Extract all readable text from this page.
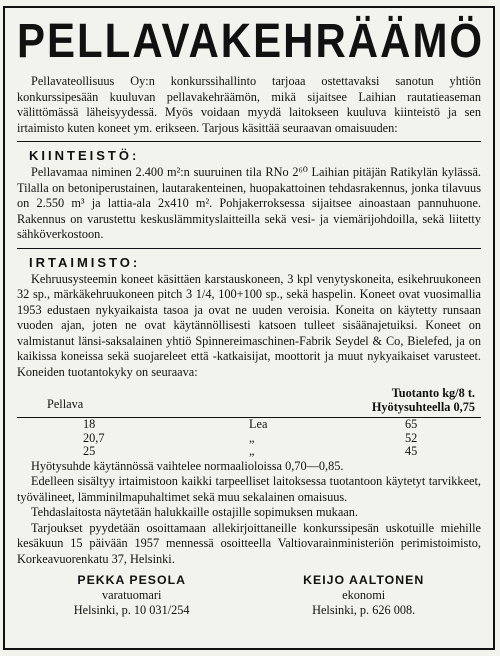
PELLAVAKEHRÄÄMÖ

Pellavateollisuus Oy:n konkurssihallinto tarjoaa ostettavaksi sanotun yhtiön konkurssipesään kuuluvan pellavakehräämön, mikä sijaitsee Laihian rautatieaseman välittömässä läheisyydessä. Myös voidaan myydä laitokseen kuuluva kiinteistö ja sen irtaimisto kuten koneet ym. erikseen. Tarjous käsittää seuraavan omaisuuden:

KIINTEISTÖ:

Pellavamaa niminen 2.400 m²:n suuruinen tila RNo 2⁶⁰ Laihian pitäjän Ratikylän kylässä. Tilalla on betoniperustainen, lautarakenteinen, huopakattoinen tehdasrakennus, jonka tilavuus on 2.550 m³ ja lattia-ala 2x410 m². Pohjakerroksessa sijaitsee ainoastaan pannuhuone. Rakennus on varustettu keskuslämmityslaitteilla sekä vesi- ja viemärijohdoilla, sekä liitetty sähköverkostoon.

IRTAIMISTO:

Kehruusysteemin koneet käsittäen karstauskoneen, 3 kpl venytyskoneita, esikehruukoneen 32 sp., märkäkehruukoneen pitch 3 1/4, 100+100 sp., sekä haspelin. Koneet ovat vuosimallia 1953 edustaen nykyaikaista tasoa ja ovat ne uuden veroisia. Koneita on käytetty runsaan vuoden ajan, joten ne ovat käytännöllisesti katsoen tulleet sisäänajetuiksi. Koneet on valmistanut länsi-saksalainen yhtiö Spinnereimaschinen-Fabrik Seydel & Co, Bielefed, ja on kaikissa koneissa sekä suojareleet että -katkaisijat, moottorit ja muut nykyaikaiset varusteet. Koneiden tuotantokyky on seuraava:

Pellava
Tuotanto kg/8 t.
Hyötysuhteella 0,75
18	Lea	65
20,7	„	52
25	„	45

Hyötysuhde käytännössä vaihtelee normaalioloissa 0,70—0,85.

Edelleen sisältyy irtaimistoon kaikki tarpeelliset laitoksessa tuotantoon käytetyt tarvikkeet, työvälineet, lämminilmapuhaltimet sekä muu sekalainen omaisuus.

Tehdaslaitosta näytetään halukkaille ostajille sopimuksen mukaan.

Tarjoukset pyydetään osoittamaan allekirjoittaneille konkurssipesän uskotuille miehille kesäkuun 15 päivään 1957 mennessä osoitteella Valtiovarainministeriön perimistoimisto, Korkeavuorenkatu 37, Helsinki.

PEKKA PESOLA
varatuomari
Helsinki, p. 10 031/254
KEIJO AALTONEN
ekonomi
Helsinki, p. 626 008.
